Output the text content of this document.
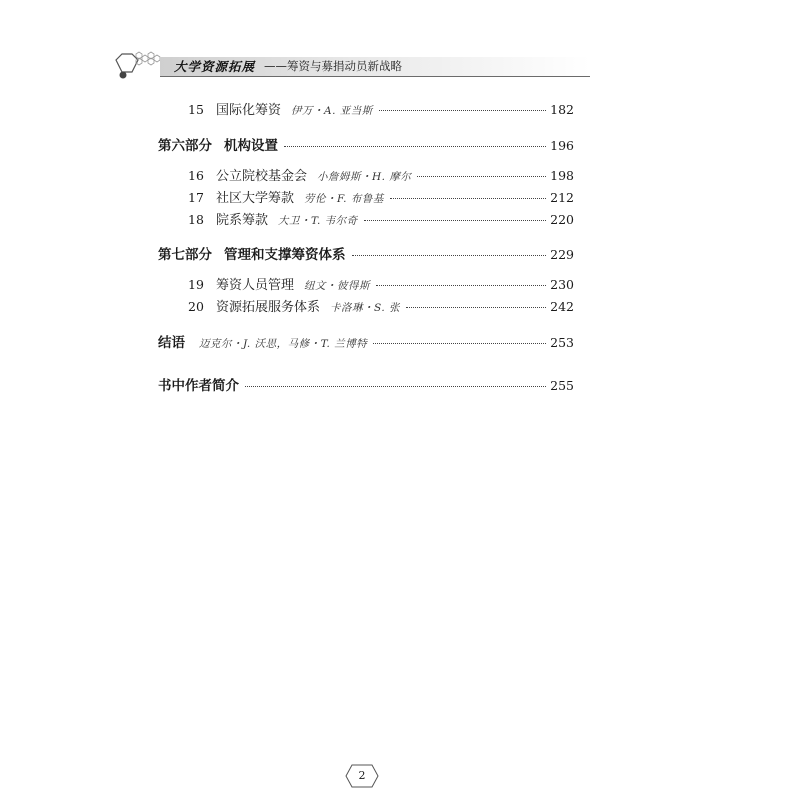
大学资源拓展 ——筹资与募捐动员新战略
15 国际化筹资 伊万・A. 亚当斯	182
第六部分 机构设置	196
16 公立院校基金会 小詹姆斯・H. 摩尔	198
17 社区大学筹款 劳伦・F. 布鲁基	212
18 院系筹款 大卫・T. 韦尔奇	220
第七部分 管理和支撑筹资体系	229
19 筹资人员管理 纽文・彼得斯	230
20 资源拓展服务体系 卡洛琳・S. 张	242
结语 迈克尔・J. 沃思，马修・T. 兰博特	253
书中作者简介	255
2
